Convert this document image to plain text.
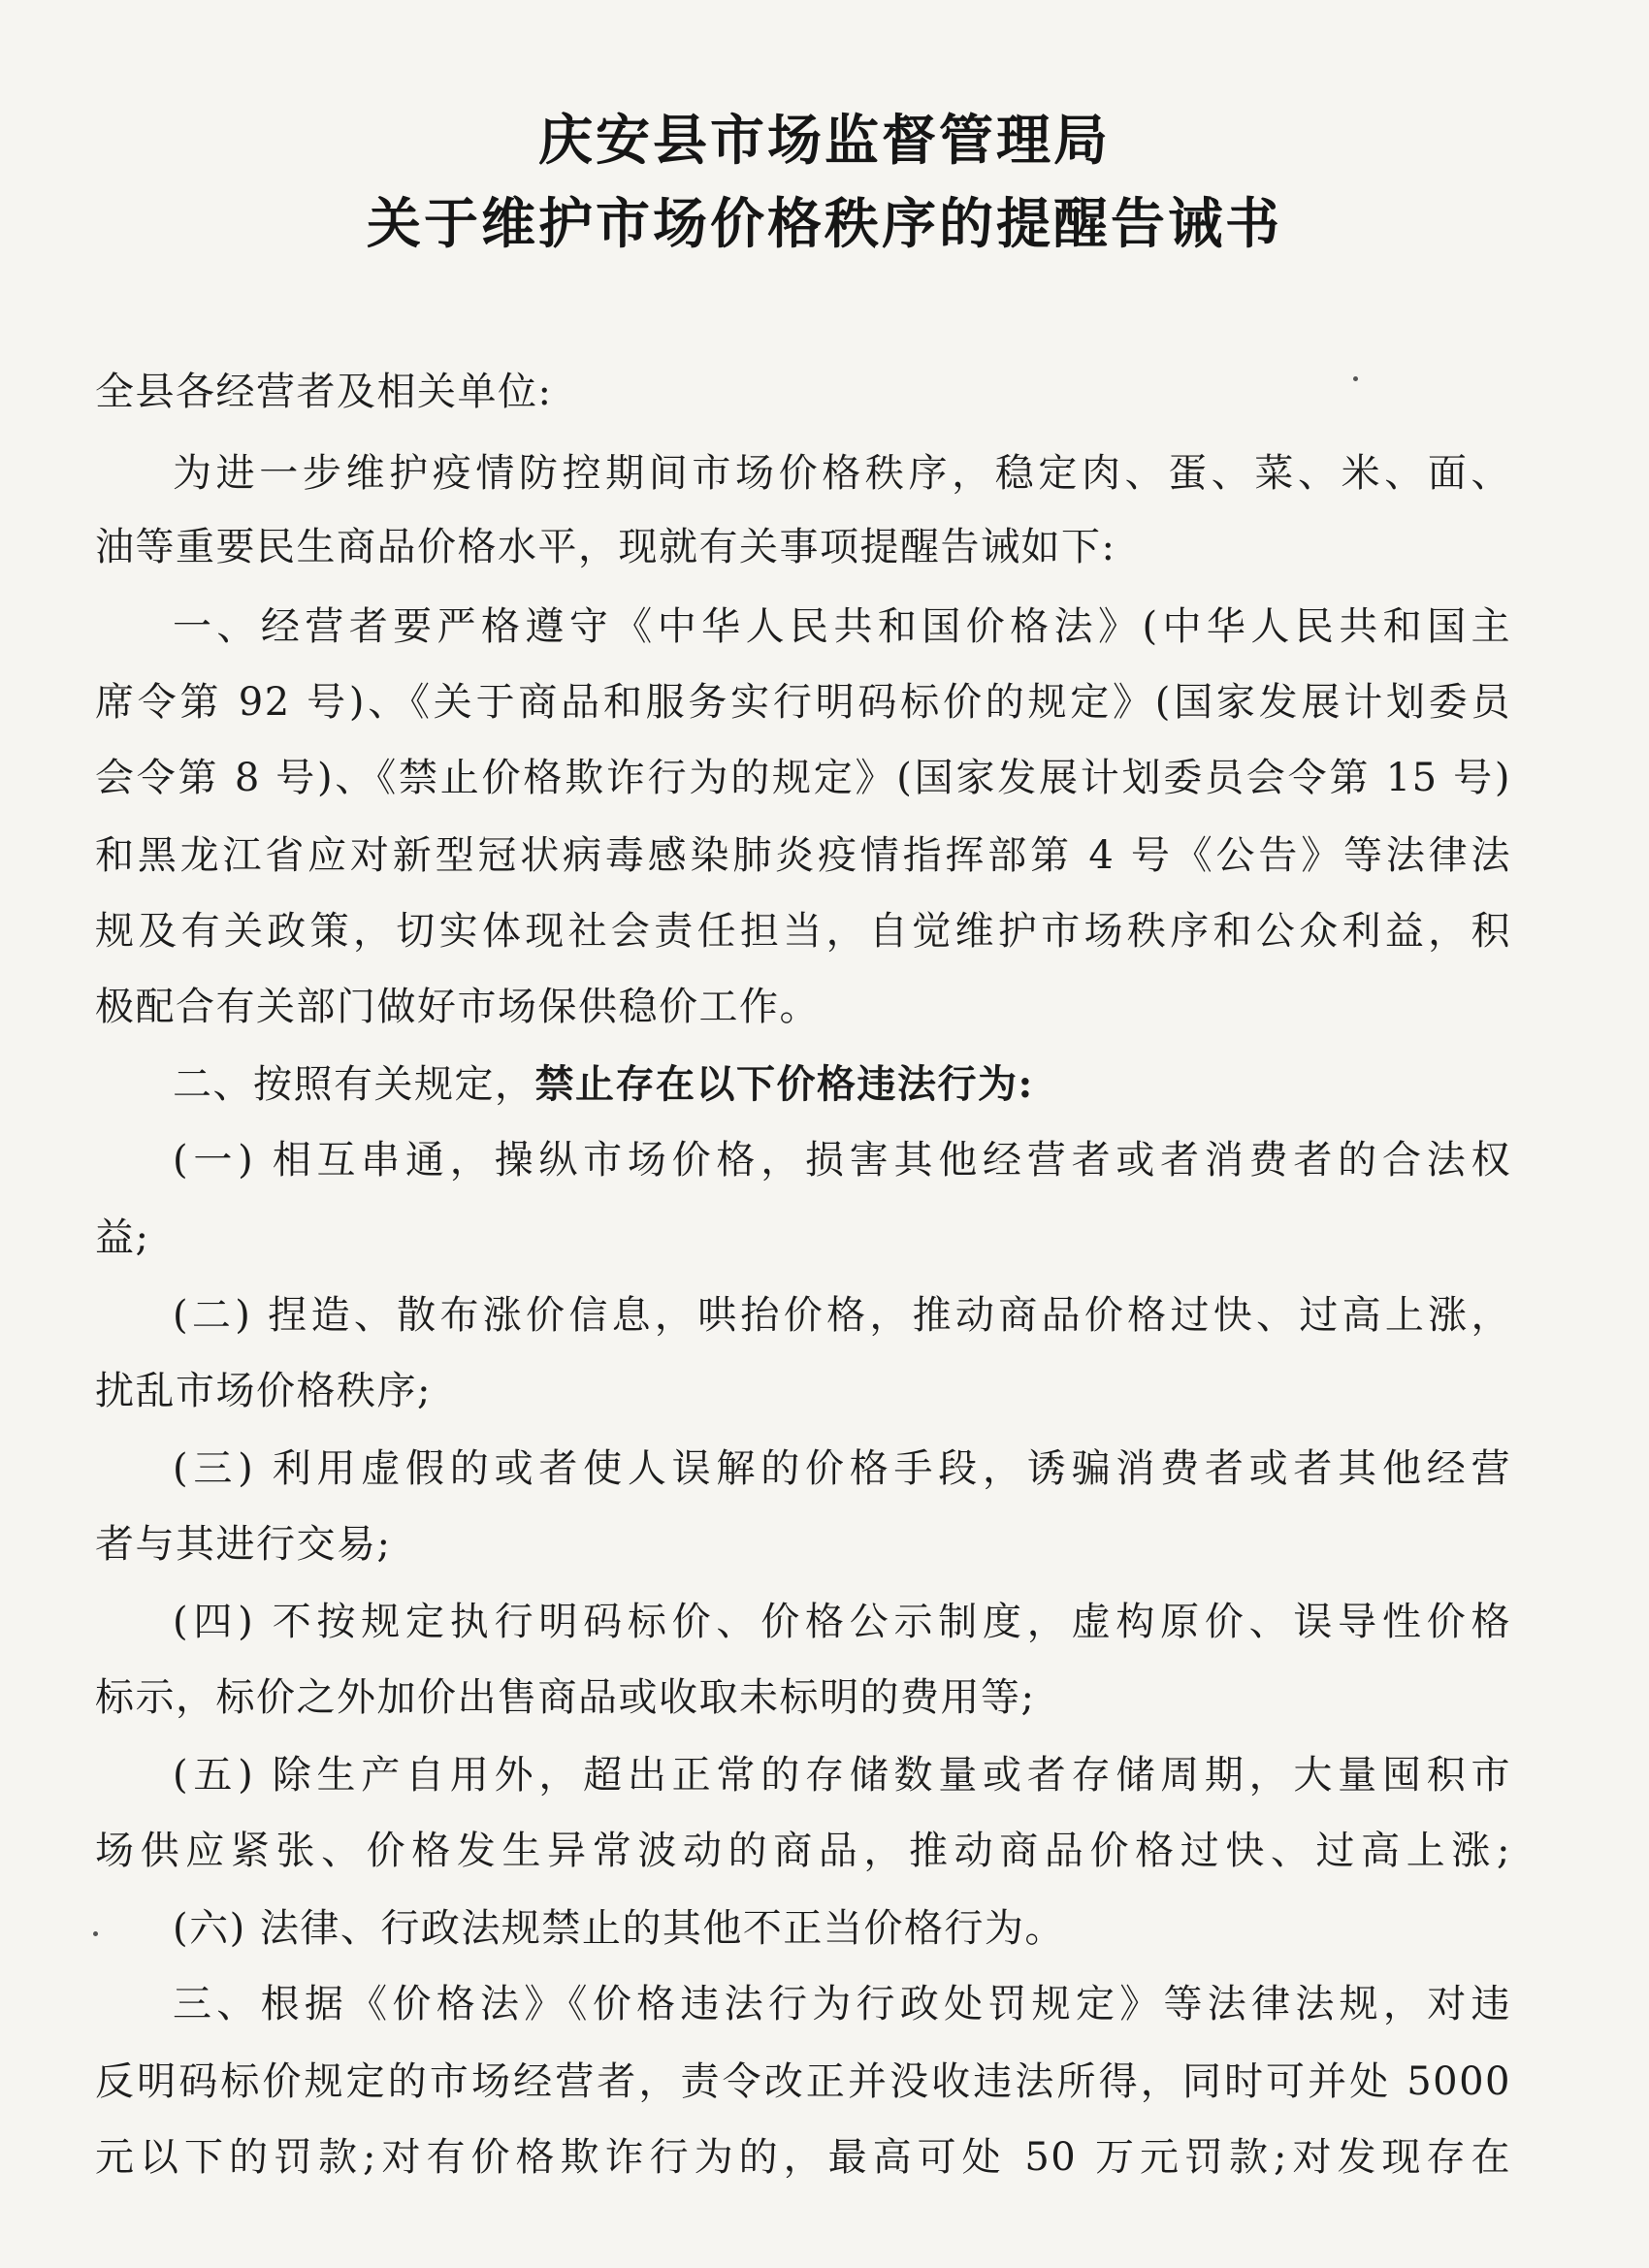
庆安县市场监督管理局
关于维护市场价格秩序的提醒告诫书
全县各经营者及相关单位:
为进一步维护疫情防控期间市场价格秩序，稳定肉、蛋、菜、米、面、
油等重要民生商品价格水平，现就有关事项提醒告诫如下:
一、经营者要严格遵守《中华人民共和国价格法》(中华人民共和国主
席令第 92 号)、《关于商品和服务实行明码标价的规定》(国家发展计划委员
会令第 8 号)、《禁止价格欺诈行为的规定》(国家发展计划委员会令第 15 号)
和黑龙江省应对新型冠状病毒感染肺炎疫情指挥部第 4 号《公告》等法律法
规及有关政策，切实体现社会责任担当，自觉维护市场秩序和公众利益，积
极配合有关部门做好市场保供稳价工作。
二、按照有关规定，禁止存在以下价格违法行为:
(一) 相互串通，操纵市场价格，损害其他经营者或者消费者的合法权
益;
(二) 捏造、散布涨价信息，哄抬价格，推动商品价格过快、过高上涨，
扰乱市场价格秩序;
(三) 利用虚假的或者使人误解的价格手段，诱骗消费者或者其他经营
者与其进行交易;
(四) 不按规定执行明码标价、价格公示制度，虚构原价、误导性价格
标示，标价之外加价出售商品或收取未标明的费用等;
(五) 除生产自用外，超出正常的存储数量或者存储周期，大量囤积市
场供应紧张、价格发生异常波动的商品，推动商品价格过快、过高上涨;
(六) 法律、行政法规禁止的其他不正当价格行为。
三、根据《价格法》《价格违法行为行政处罚规定》等法律法规，对违
反明码标价规定的市场经营者，责令改正并没收违法所得，同时可并处 5000
元以下的罚款;对有价格欺诈行为的，最高可处 50 万元罚款;对发现存在
